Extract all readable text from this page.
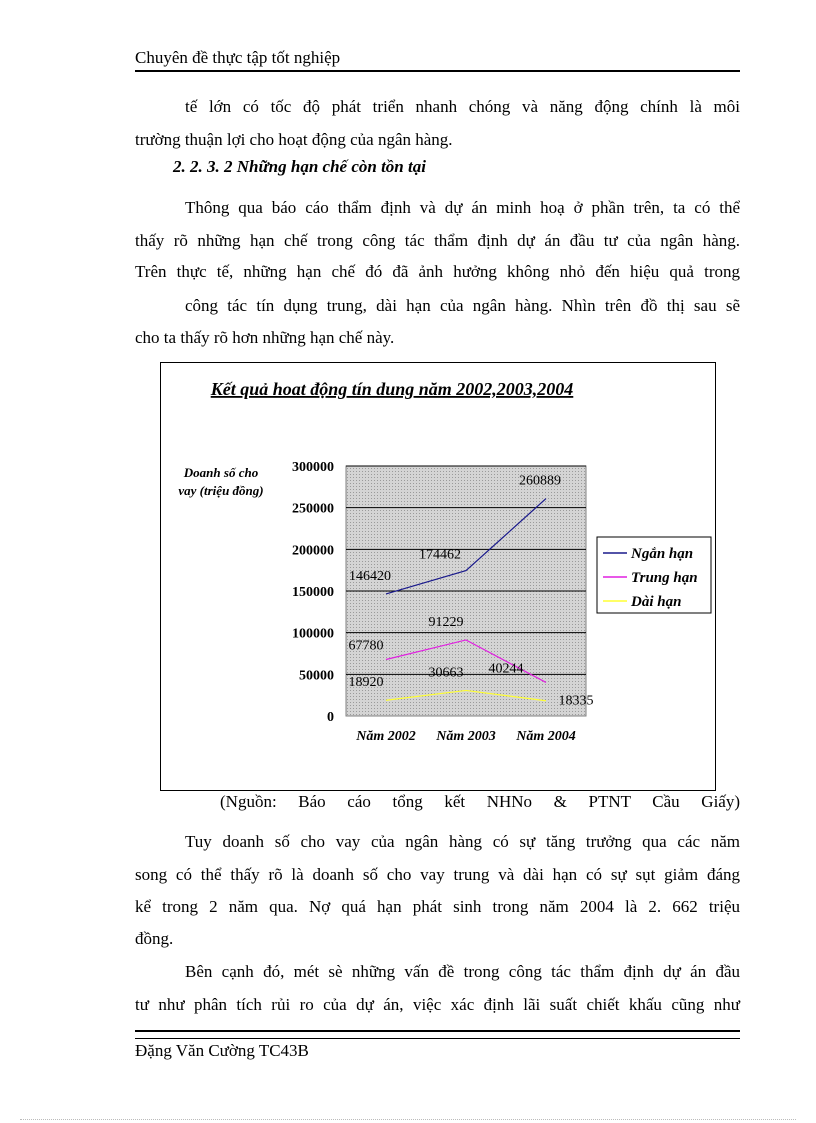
Chuyên đề thực tập tốt nghiệp

tế lớn có tốc độ phát triển nhanh chóng và năng động chính là môi

trường thuận lợi cho hoạt động của ngân hàng.

2. 2. 3. 2 Những hạn chế còn tồn tại

Thông qua báo cáo thẩm định và dự án minh hoạ ở phần trên, ta có thể

thấy rõ những hạn chế trong công tác thẩm định dự án đầu tư của ngân hàng.

Trên thực tế, những hạn chế đó đã ảnh hưởng không nhỏ đến hiệu quả trong

công tác tín dụng trung, dài hạn của ngân hàng. Nhìn trên đồ thị sau sẽ

cho ta thấy rõ hơn những hạn chế này.

Kết quả hoat động tín dung năm 2002,2003,2004
Doanh số cho
vay (triệu đồng)
0
50000
100000
150000
200000
250000
300000
Năm 2002 Năm 2003 Năm 2004
146420
174462
260889
67780
91229
40244
18920
30663
18335
Ngắn hạn
Trung hạn
Dài hạn
(Nguồn: Báo cáo tổng kết NHNo & PTNT Cầu Giấy)

Tuy doanh số cho vay của ngân hàng có sự tăng trưởng qua các năm

song có thể thấy rõ là doanh số cho vay trung và dài hạn có sự sụt giảm đáng

kể trong 2 năm qua. Nợ quá hạn phát sinh trong năm 2004 là 2. 662 triệu

đồng.

Bên cạnh đó, mét sè những vấn đề trong công tác thẩm định dự án đầu

tư như phân tích rủi ro của dự án, việc xác định lãi suất chiết khấu cũng như

Đặng Văn Cường TC43B
